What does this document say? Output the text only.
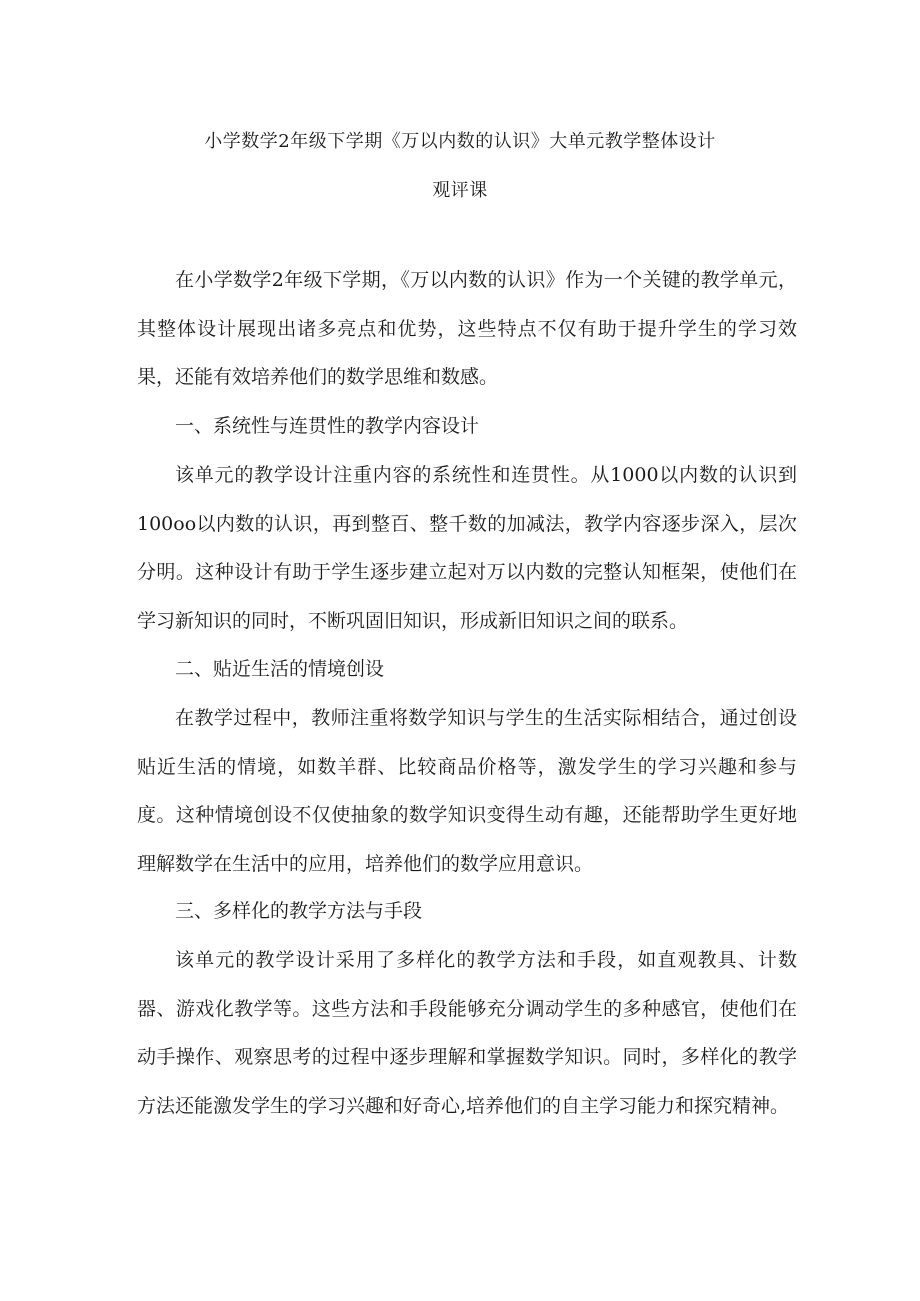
小学数学2年级下学期《万以内数的认识》大单元教学整体设计
观评课

在小学数学2年级下学期，《万以内数的认识》作为一个关键的教学单元，其整体设计展现出诸多亮点和优势，这些特点不仅有助于提升学生的学习效果，还能有效培养他们的数学思维和数感。

一、系统性与连贯性的教学内容设计

该单元的教学设计注重内容的系统性和连贯性。从1000以内数的认识到100oo以内数的认识，再到整百、整千数的加减法，教学内容逐步深入，层次分明。这种设计有助于学生逐步建立起对万以内数的完整认知框架，使他们在学习新知识的同时，不断巩固旧知识，形成新旧知识之间的联系。

二、贴近生活的情境创设

在教学过程中，教师注重将数学知识与学生的生活实际相结合，通过创设贴近生活的情境，如数羊群、比较商品价格等，激发学生的学习兴趣和参与度。这种情境创设不仅使抽象的数学知识变得生动有趣，还能帮助学生更好地理解数学在生活中的应用，培养他们的数学应用意识。

三、多样化的教学方法与手段

该单元的教学设计采用了多样化的教学方法和手段，如直观教具、计数器、游戏化教学等。这些方法和手段能够充分调动学生的多种感官，使他们在动手操作、观察思考的过程中逐步理解和掌握数学知识。同时，多样化的教学方法还能激发学生的学习兴趣和好奇心,培养他们的自主学习能力和探究精神。
